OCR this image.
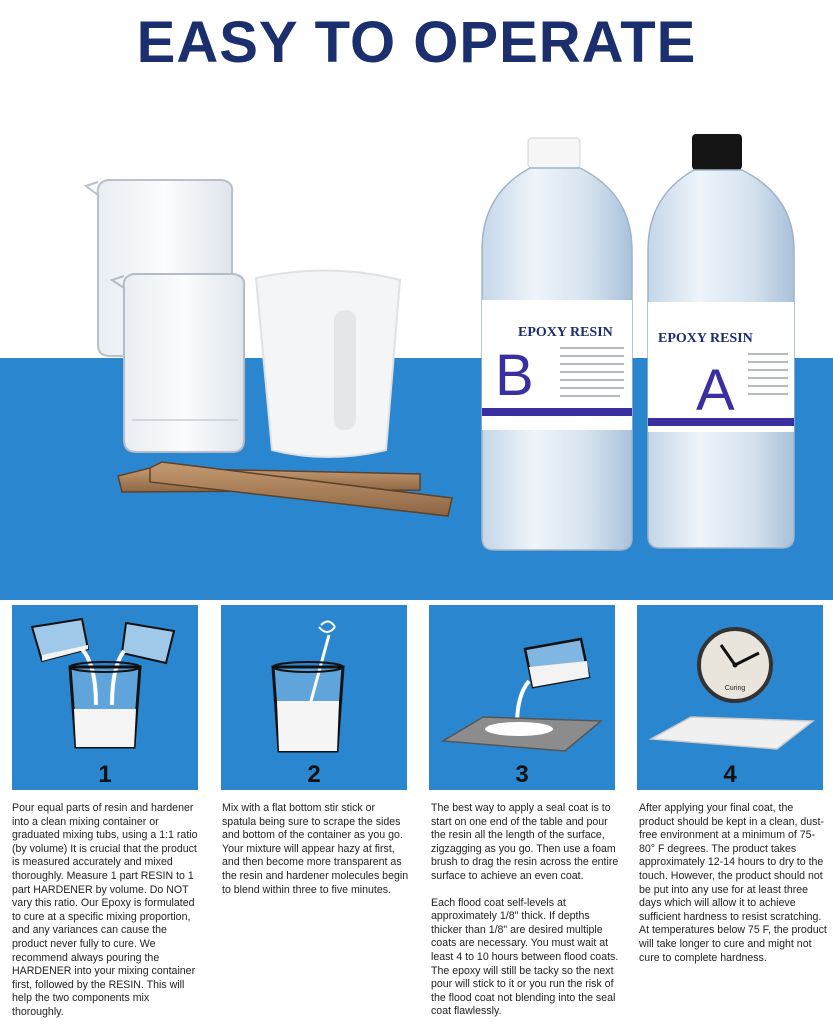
EASY TO OPERATE
EPOXY RESIN
B
EPOXY RESIN
A
1	2	3
Curing
4

Pour equal parts of resin and hardener into a clean mixing container or graduated mixing tubs, using a 1:1 ratio (by volume) It is crucial that the product is measured accurately and mixed thoroughly. Measure 1 part RESIN to 1 part HARDENER by volume. Do NOT vary this ratio. Our Epoxy is formulated to cure at a specific mixing proportion, and any variances can cause the product never fully to cure. We recommend always pouring the HARDENER into your mixing container first, followed by the RESIN. This will help the two components mix thoroughly.

Mix with a flat bottom stir stick or spatula being sure to scrape the sides and bottom of the container as you go. Your mixture will appear hazy at first, and then become more transparent as the resin and hardener molecules begin to blend within three to five minutes.

The best way to apply a seal coat is to start on one end of the table and pour the resin all the length of the surface, zigzagging as you go. Then use a foam brush to drag the resin across the entire surface to achieve an even coat.

Each flood coat self-levels at approximately 1/8" thick. If depths thicker than 1/8" are desired multiple coats are necessary. You must wait at least 4 to 10 hours between flood coats. The epoxy will still be tacky so the next pour will stick to it or you run the risk of the flood coat not blending into the seal coat flawlessly.

After applying your final coat, the product should be kept in a clean, dust-free environment at a minimum of 75-80° F degrees. The product takes approximately 12-14 hours to dry to the touch. However, the product should not be put into any use for at least three days which will allow it to achieve sufficient hardness to resist scratching. At temperatures below 75 F, the product will take longer to cure and might not cure to complete hardness.
